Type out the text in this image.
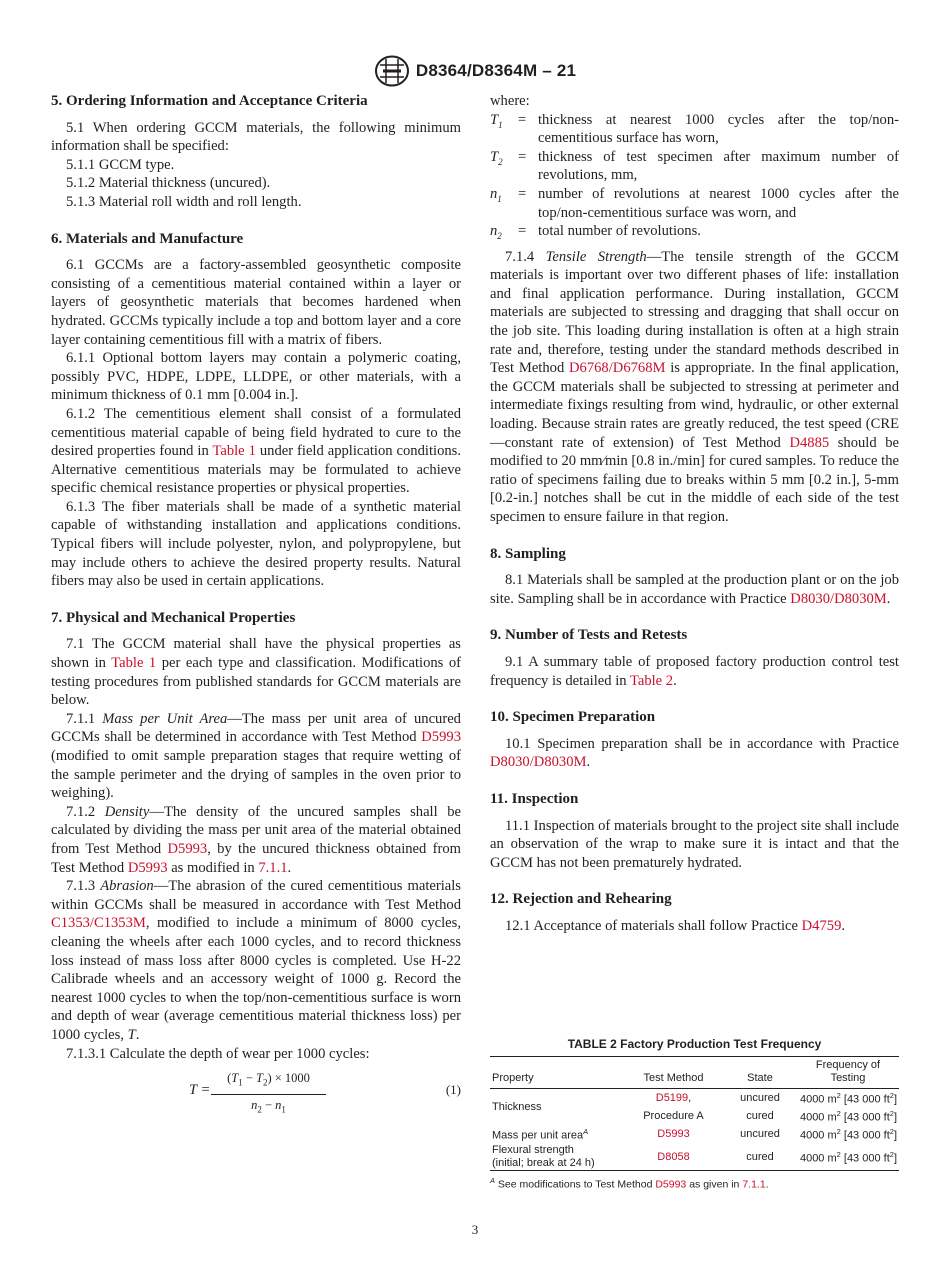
D8364/D8364M – 21
5. Ordering Information and Acceptance Criteria

5.1 When ordering GCCM materials, the following minimum information shall be specified:

5.1.1 GCCM type.

5.1.2 Material thickness (uncured).

5.1.3 Material roll width and roll length.

6. Materials and Manufacture

6.1 GCCMs are a factory-assembled geosynthetic composite consisting of a cementitious material contained within a layer or layers of geosynthetic materials that becomes hardened when hydrated. GCCMs typically include a top and bottom layer and a core layer containing cementitious fill with a matrix of fibers.

6.1.1 Optional bottom layers may contain a polymeric coating, possibly PVC, HDPE, LDPE, LLDPE, or other materials, with a minimum thickness of 0.1 mm [0.004 in.].

6.1.2 The cementitious element shall consist of a formulated cementitious material capable of being field hydrated to cure to the desired properties found in Table 1 under field application conditions. Alternative cementitious materials may be formulated to achieve specific chemical resistance properties or physical properties.

6.1.3 The fiber materials shall be made of a synthetic material capable of withstanding installation and applications conditions. Typical fibers will include polyester, nylon, and polypropylene, but may include others to achieve the desired property results. Natural fibers may also be used in certain applications.

7. Physical and Mechanical Properties

7.1 The GCCM material shall have the physical properties as shown in Table 1 per each type and classification. Modifications of testing procedures from published standards for GCCM materials are below.

7.1.1 Mass per Unit Area—The mass per unit area of uncured GCCMs shall be determined in accordance with Test Method D5993 (modified to omit sample preparation stages that require wetting of the sample perimeter and the drying of samples in the oven prior to weighing).

7.1.2 Density—The density of the uncured samples shall be calculated by dividing the mass per unit area of the material obtained from Test Method D5993, by the uncured thickness obtained from Test Method D5993 as modified in 7.1.1.

7.1.3 Abrasion—The abrasion of the cured cementitious materials within GCCMs shall be measured in accordance with Test Method C1353/C1353M, modified to include a minimum of 8000 cycles, cleaning the wheels after each 1000 cycles, and to record thickness loss instead of mass loss after 8000 cycles is completed. Use H-22 Calibrade wheels and an accessory weight of 1000 g. Record the nearest 1000 cycles to when the top/non-cementitious surface is worn and depth of wear (average cementitious material thickness loss) per 1000 cycles, T.

7.1.3.1 Calculate the depth of wear per 1000 cycles:

$T = \frac{(T_1 - T_2) \times 1000}{n_2 - n_1}$	(1)
where:
$T_1$	= thickness at nearest 1000 cycles after the top/non-cementitious surface has worn,
$T_2$	= thickness of test specimen after maximum number of revolutions, mm,
$n_1$	= number of revolutions at nearest 1000 cycles after the top/non-cementitious surface was worn, and
$n_2$	= total number of revolutions.

7.1.4 Tensile Strength—The tensile strength of the GCCM materials is important over two different phases of life: installation and final application performance. During installation, GCCM materials are subjected to stressing and dragging that shall occur on the job site. This loading during installation is often at a high strain rate and, therefore, testing under the standard methods described in Test Method D6768/D6768M is appropriate. In the final application, the GCCM materials shall be subjected to stressing at perimeter and intermediate fixings resulting from wind, hydraulic, or other external loading. Because strain rates are greatly reduced, the test speed (CRE—constant rate of extension) of Test Method D4885 should be modified to 20 mm⁄min [0.8 in./min] for cured samples. To reduce the ratio of specimens failing due to breaks within 5 mm [0.2 in.], 5-mm [0.2-in.] notches shall be cut in the middle of each side of the test specimen to ensure failure in that region.

8. Sampling

8.1 Materials shall be sampled at the production plant or on the job site. Sampling shall be in accordance with Practice D8030/D8030M.

9. Number of Tests and Retests

9.1 A summary table of proposed factory production control test frequency is detailed in Table 2.

10. Specimen Preparation

10.1 Specimen preparation shall be in accordance with Practice D8030/D8030M.

11. Inspection

11.1 Inspection of materials brought to the project site shall include an observation of the wrap to make sure it is intact and that the GCCM has not been prematurely hydrated.

12. Rejection and Rehearing

12.1 Acceptance of materials shall follow Practice D4759.

TABLE 2 Factory Production Test Frequency
Property	Test Method	State	Frequency of Testing
Thickness	D5199,	uncured	4000 $m^2$ [43 000 $ft^2$]
	Procedure A	cured	4000 $m^2$ [43 000 $ft^2$]
Mass per unit area$^A$	D5993	uncured	4000 $m^2$ [43 000 $ft^2$]
Flexural strength
(initial; break at 24 h)	D8058	cured	4000 $m^2$ [43 000 $ft^2$]
$^A$ See modifications to Test Method D5993 as given in 7.1.1.
3
